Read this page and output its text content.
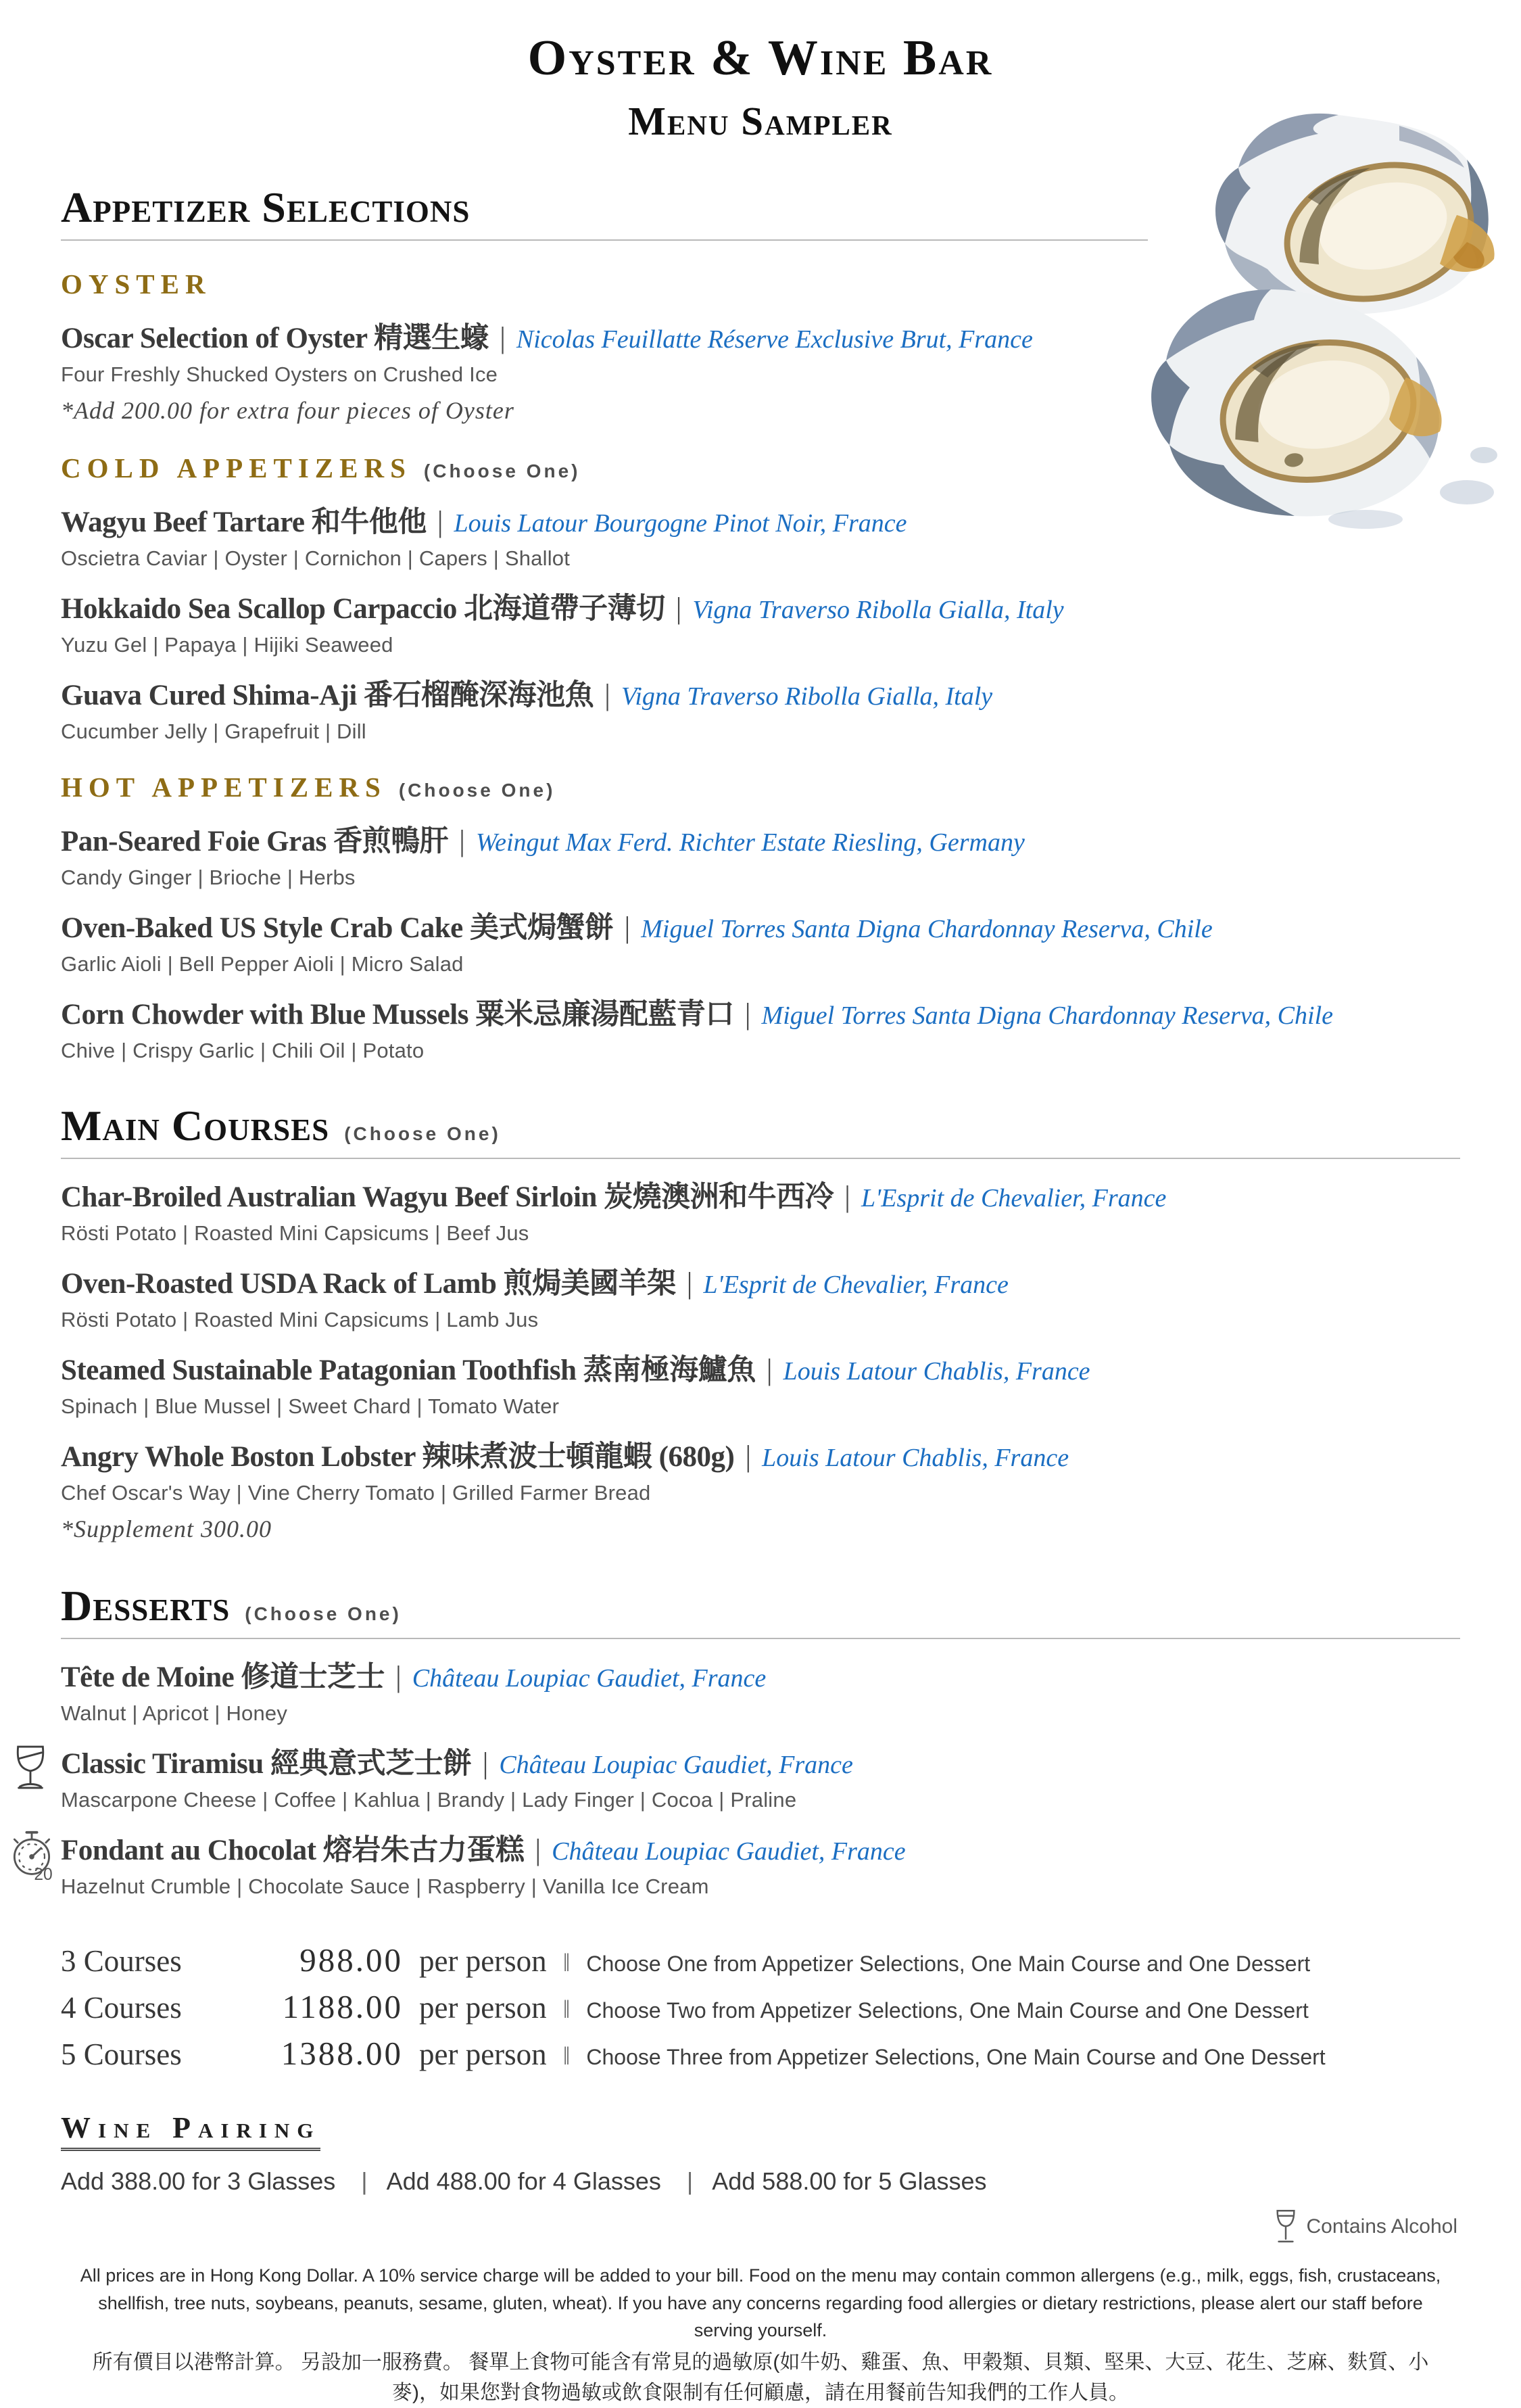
Oyster & Wine Bar
Menu Sampler
Appetizer Selections
OYSTER
Oscar Selection of Oyster 精選生蠔 | Nicolas Feuillatte Réserve Exclusive Brut, France
Four Freshly Shucked Oysters on Crushed Ice
*Add 200.00 for extra four pieces of Oyster
COLD APPETIZERS (Choose One)
Wagyu Beef Tartare 和牛他他 | Louis Latour Bourgogne Pinot Noir, France
Oscietra Caviar | Oyster | Cornichon | Capers | Shallot
Hokkaido Sea Scallop Carpaccio 北海道帶子薄切 | Vigna Traverso Ribolla Gialla, Italy
Yuzu Gel | Papaya | Hijiki Seaweed
Guava Cured Shima-Aji 番石榴醃深海池魚 | Vigna Traverso Ribolla Gialla, Italy
Cucumber Jelly | Grapefruit | Dill
HOT APPETIZERS (Choose One)
Pan-Seared Foie Gras 香煎鴨肝 | Weingut Max Ferd. Richter Estate Riesling, Germany
Candy Ginger | Brioche | Herbs
Oven-Baked US Style Crab Cake 美式焗蟹餅 | Miguel Torres Santa Digna Chardonnay Reserva, Chile
Garlic Aioli | Bell Pepper Aioli | Micro Salad
Corn Chowder with Blue Mussels 粟米忌廉湯配藍青口 | Miguel Torres Santa Digna Chardonnay Reserva, Chile
Chive | Crispy Garlic | Chili Oil | Potato
Main Courses (Choose One)
Char-Broiled Australian Wagyu Beef Sirloin 炭燒澳洲和牛西冷 | L'Esprit de Chevalier, France
Rösti Potato | Roasted Mini Capsicums | Beef Jus
Oven-Roasted USDA Rack of Lamb 煎焗美國羊架 | L'Esprit de Chevalier, France
Rösti Potato | Roasted Mini Capsicums | Lamb Jus
Steamed Sustainable Patagonian Toothfish 蒸南極海鱸魚 | Louis Latour Chablis, France
Spinach | Blue Mussel | Sweet Chard | Tomato Water
Angry Whole Boston Lobster 辣味煮波士頓龍蝦 (680g) | Louis Latour Chablis, France
Chef Oscar's Way | Vine Cherry Tomato | Grilled Farmer Bread
*Supplement 300.00
Desserts (Choose One)
Tête de Moine 修道士芝士 | Château Loupiac Gaudiet, France
Walnut | Apricot | Honey
Classic Tiramisu 經典意式芝士餅 | Château Loupiac Gaudiet, France
Mascarpone Cheese | Coffee | Kahlua | Brandy | Lady Finger | Cocoa | Praline
20
Fondant au Chocolat 熔岩朱古力蛋糕 | Château Loupiac Gaudiet, France
Hazelnut Crumble | Chocolate Sauce | Raspberry | Vanilla Ice Cream
3 Courses	988.00 per person ‖ Choose One from Appetizer Selections, One Main Course and One Dessert
4 Courses	1188.00 per person ‖ Choose Two from Appetizer Selections, One Main Course and One Dessert
5 Courses	1388.00 per person ‖ Choose Three from Appetizer Selections, One Main Course and One Dessert
Wine Pairing
Add 388.00 for 3 Glasses | Add 488.00 for 4 Glasses | Add 588.00 for 5 Glasses
Contains Alcohol
All prices are in Hong Kong Dollar. A 10% service charge will be added to your bill. Food on the menu may contain common allergens (e.g., milk, eggs, fish, crustaceans, shellfish, tree nuts, soybeans, peanuts, sesame, gluten, wheat). If you have any concerns regarding food allergies or dietary restrictions, please alert our staff before serving yourself.
所有價目以港幣計算。 另設加一服務費。 餐單上食物可能含有常見的過敏原(如牛奶、雞蛋、魚、甲穀類、貝類、堅果、大豆、花生、芝麻、麩質、小麥)，如果您對食物過敏或飲食限制有任何顧慮，請在用餐前告知我們的工作人員。
